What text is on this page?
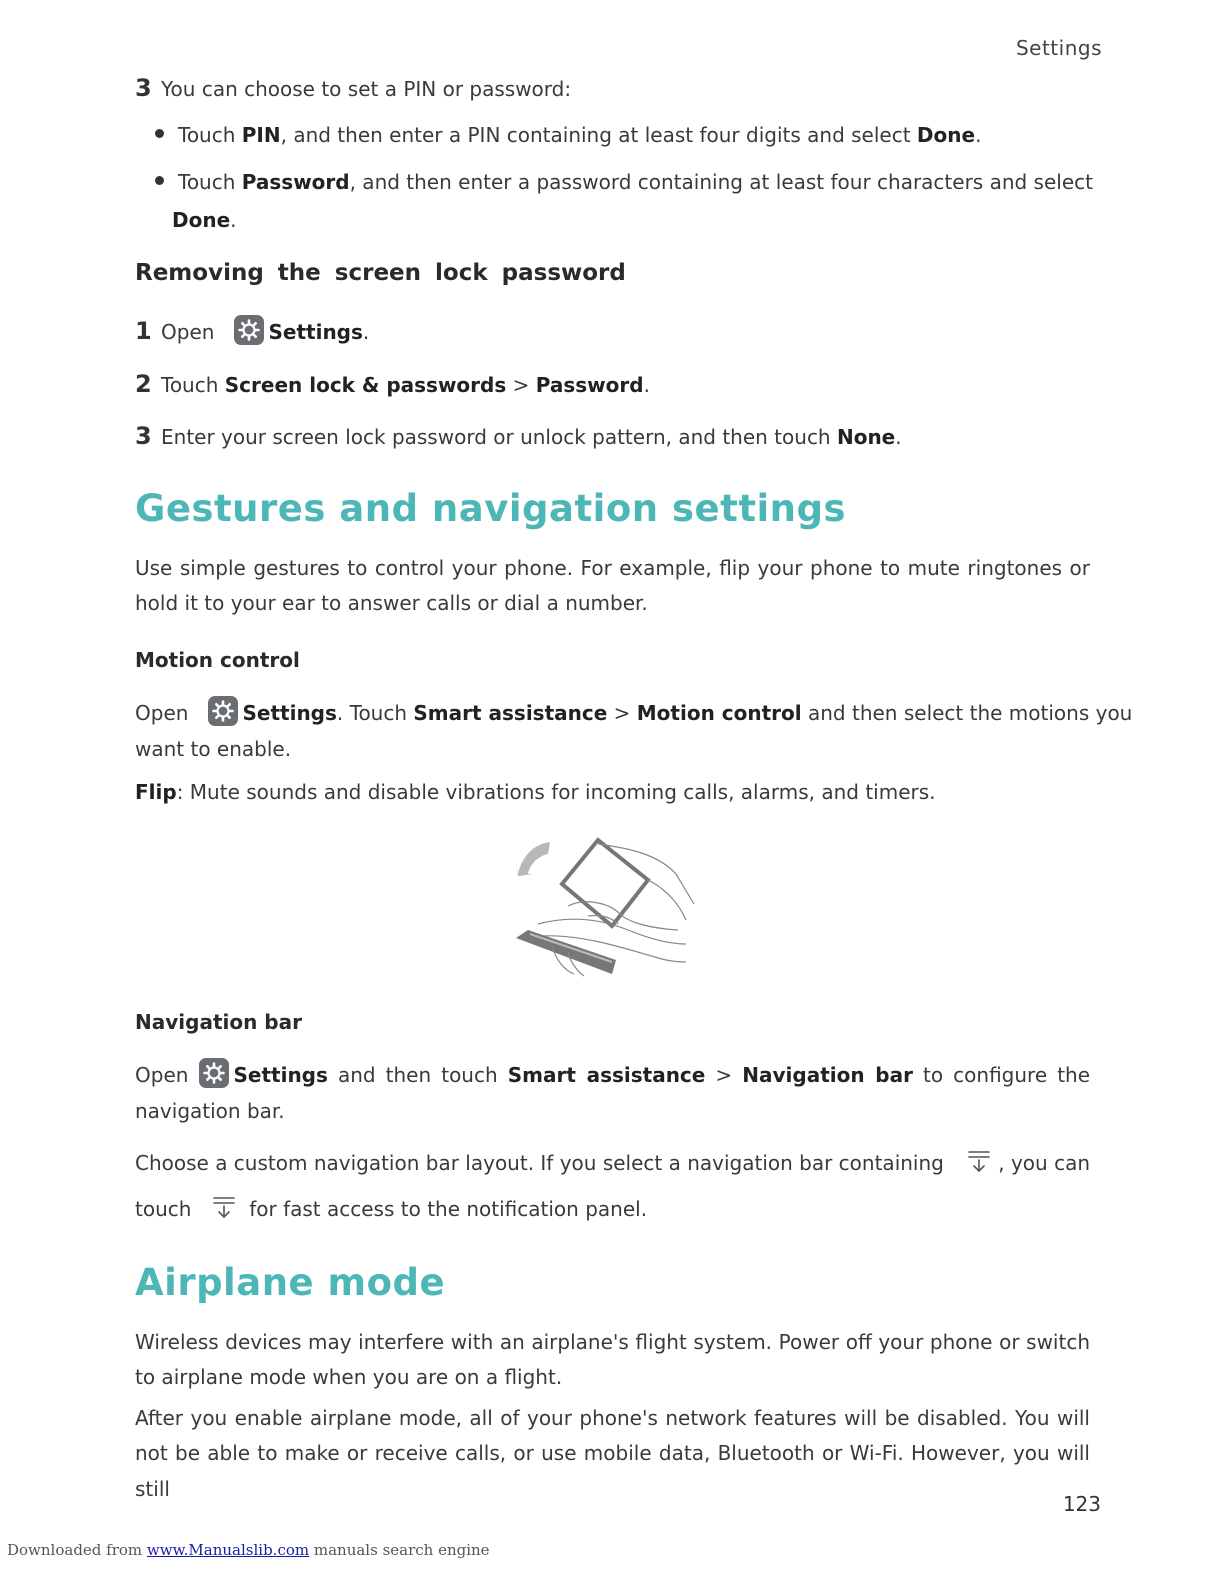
Settings
3 You can choose to set a PIN or password:
Touch PIN, and then enter a PIN containing at least four digits and select Done.
Touch Password, and then enter a password containing at least four characters and select
Done.
Removing the screen lock password
1 Open	Settings.
2 Touch Screen lock & passwords > Password.
3 Enter your screen lock password or unlock pattern, and then touch None.
Gestures and navigation settings
Use simple gestures to control your phone. For example, flip your phone to mute ringtones or
hold it to your ear to answer calls or dial a number.
Motion control
Open	Settings. Touch Smart assistance > Motion control and then select the motions you
want to enable.
Flip: Mute sounds and disable vibrations for incoming calls, alarms, and timers.
Navigation bar
Open Settings and then touch Smart assistance > Navigation bar to configure the
navigation bar.
Choose a custom navigation bar layout. If you select a navigation bar containing	, you can
touch	for fast access to the notification panel.
Airplane mode
Wireless devices may interfere with an airplane's flight system. Power off your phone or switch
to airplane mode when you are on a flight.
After you enable airplane mode, all of your phone's network features will be disabled. You will
not be able to make or receive calls, or use mobile data, Bluetooth or Wi-Fi. However, you will still
123
Downloaded from www.Manualslib.com manuals search engine
